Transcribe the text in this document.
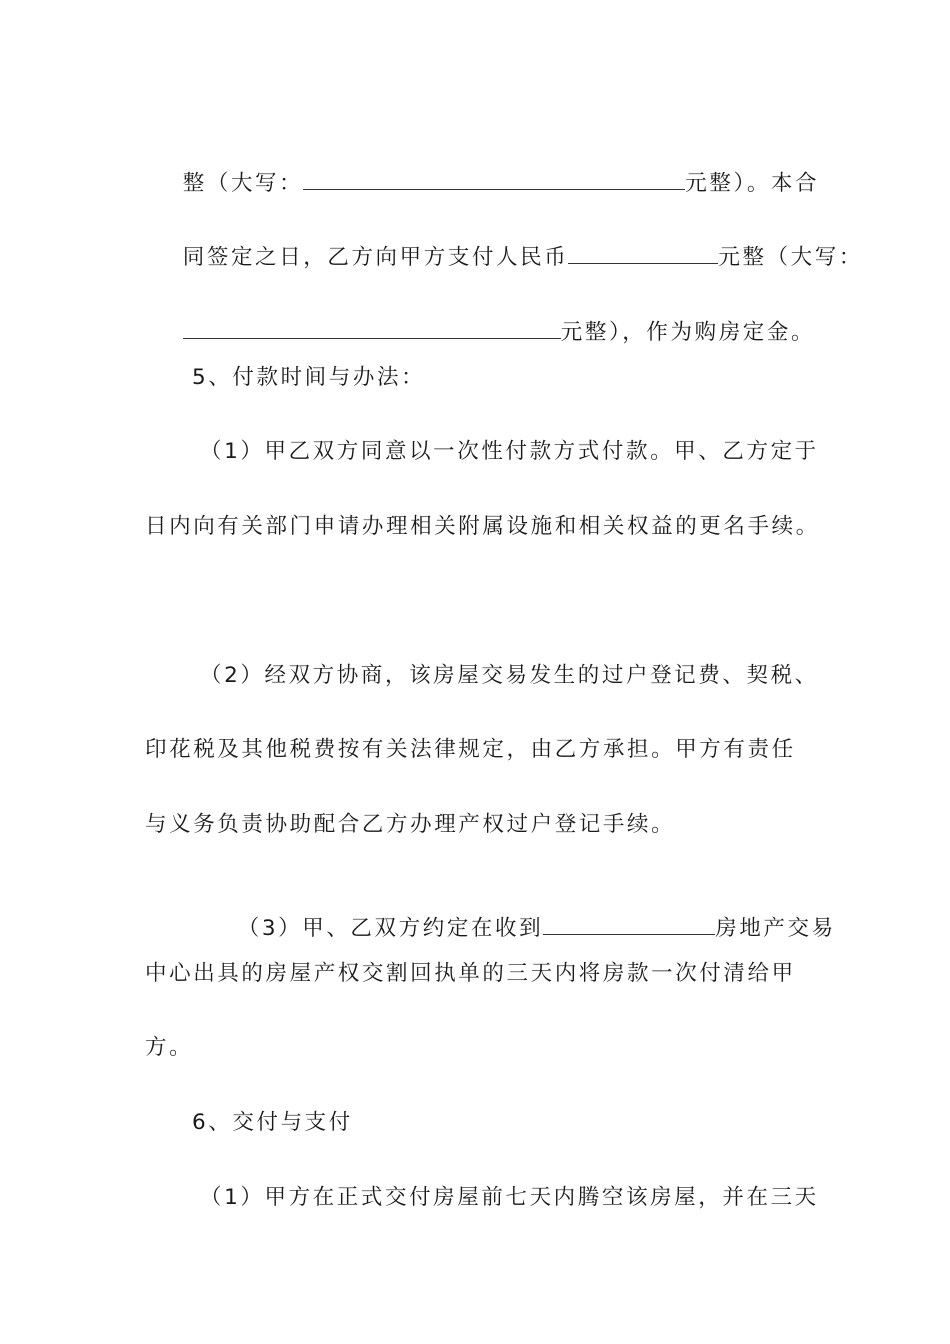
整（大写：	元整）。本合

同签定之日，乙方向甲方支付人民币	元整（大写：

元整），作为购房定金。

5、付款时间与办法：
（1）甲乙双方同意以一次性付款方式付款。甲、乙方定于
日内向有关部门申请办理相关附属设施和相关权益的更名手续。
（2）经双方协商，该房屋交易发生的过户登记费、契税、
印花税及其他税费按有关法律规定，由乙方承担。甲方有责任
与义务负责协助配合乙方办理产权过户登记手续。

（3）甲、乙双方约定在收到	房地产交易

中心出具的房屋产权交割回执单的三天内将房款一次付清给甲
方。
6、交付与支付
（1）甲方在正式交付房屋前七天内腾空该房屋，并在三天
